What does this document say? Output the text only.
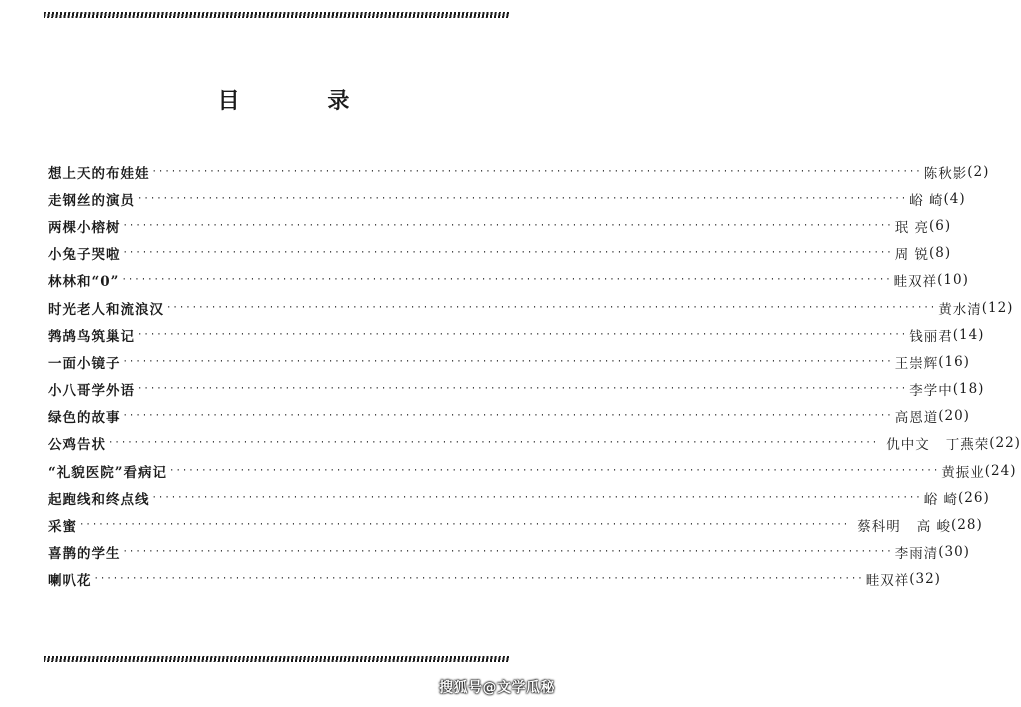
目 录
想上天的布娃娃 ························································································································ 陈秋影 (2)
走钢丝的演员 ························································································································ 峪 崎 (4)
两棵小榕树 ························································································································ 珉 亮 (6)
小兔子哭啦 ························································································································ 周 锐 (8)
林林和“0” ························································································································ 畦双祥 (10)
时光老人和流浪汉 ························································································································ 黄水清 (12)
鹁鸪鸟筑巢记 ························································································································ 钱丽君 (14)
一面小镜子 ························································································································ 王崇辉 (16)
小八哥学外语 ························································································································ 李学中 (18)
绿色的故事 ························································································································ 高恩道 (20)
公鸡告状 ························································································································ 仇中文 丁燕荣 (22)
“礼貌医院”看病记 ························································································································ 黄振业 (24)
起跑线和终点线 ························································································································ 峪 崎 (26)
采蜜 ························································································································ 蔡科明 高 峻 (28)
喜鹊的学生 ························································································································ 李雨清 (30)
喇叭花 ························································································································ 畦双祥 (32)
搜狐号@文学瓜秘
